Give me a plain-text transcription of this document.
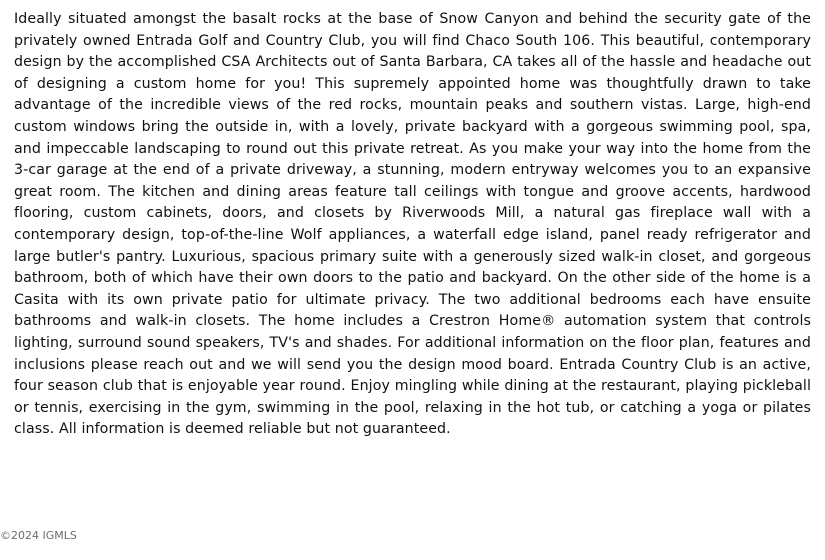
Ideally situated amongst the basalt rocks at the base of Snow Canyon and behind the security gate of the privately owned Entrada Golf and Country Club, you will find Chaco South 106. This beautiful, contemporary design by the accomplished CSA Architects out of Santa Barbara, CA takes all of the hassle and headache out of designing a custom home for you! This supremely appointed home was thoughtfully drawn to take advantage of the incredible views of the red rocks, mountain peaks and southern vistas. Large, high-end custom windows bring the outside in, with a lovely, private backyard with a gorgeous swimming pool, spa, and impeccable landscaping to round out this private retreat. As you make your way into the home from the 3-car garage at the end of a private driveway, a stunning, modern entryway welcomes you to an expansive great room. The kitchen and dining areas feature tall ceilings with tongue and groove accents, hardwood flooring, custom cabinets, doors, and closets by Riverwoods Mill, a natural gas fireplace wall with a contemporary design, top-of-the-line Wolf appliances, a waterfall edge island, panel ready refrigerator and large butler's pantry. Luxurious, spacious primary suite with a generously sized walk-in closet, and gorgeous bathroom, both of which have their own doors to the patio and backyard. On the other side of the home is a Casita with its own private patio for ultimate privacy. The two additional bedrooms each have ensuite bathrooms and walk-in closets. The home includes a Crestron Home® automation system that controls lighting, surround sound speakers, TV's and shades. For additional information on the floor plan, features and inclusions please reach out and we will send you the design mood board. Entrada Country Club is an active, four season club that is enjoyable year round. Enjoy mingling while dining at the restaurant, playing pickleball or tennis, exercising in the gym, swimming in the pool, relaxing in the hot tub, or catching a yoga or pilates class. All information is deemed reliable but not guaranteed.

©2024 IGMLS
